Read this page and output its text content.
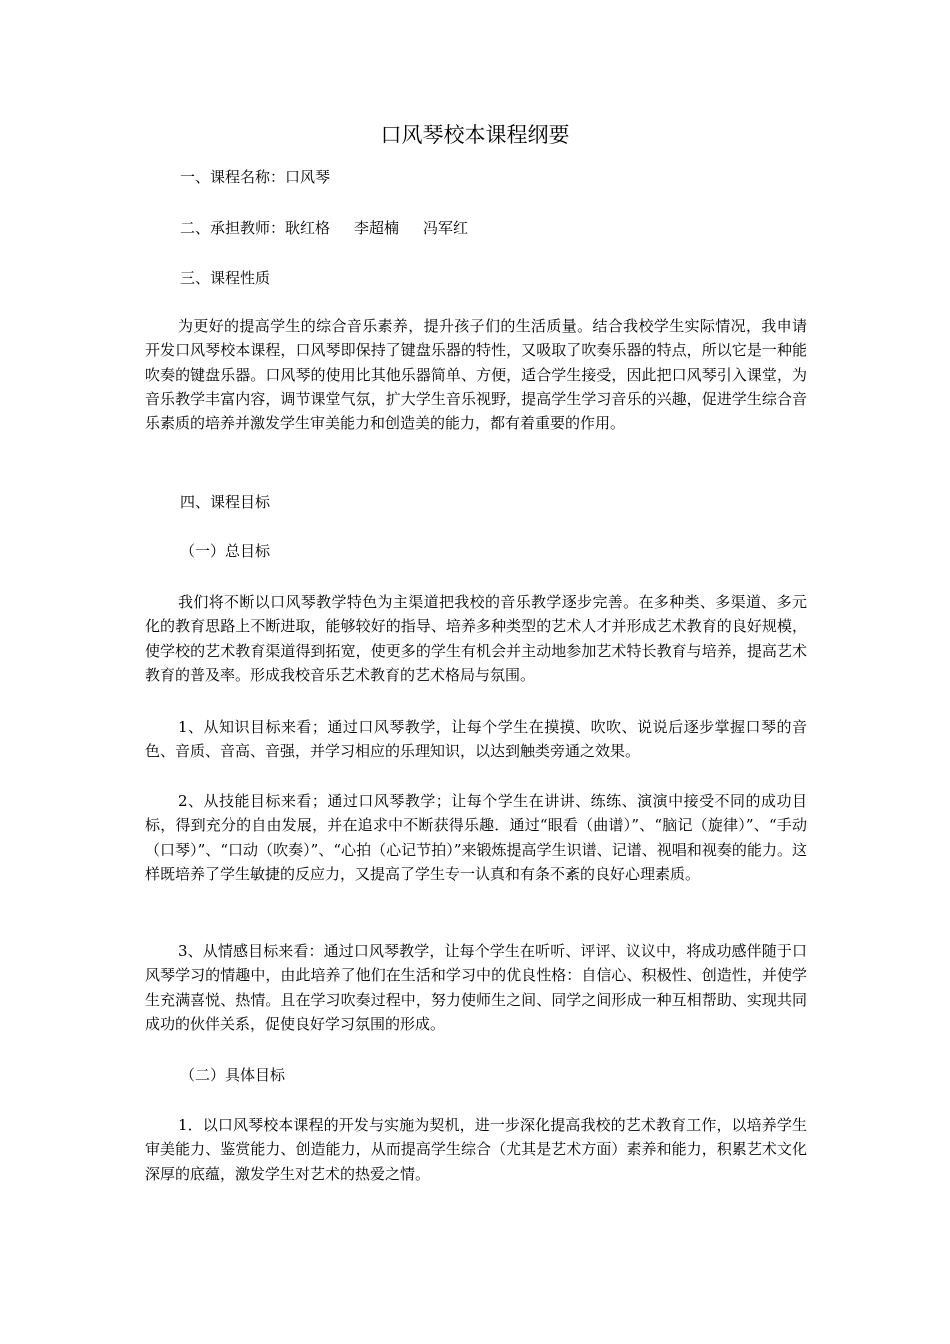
口风琴校本课程纲要
一、课程名称：口风琴
二、承担教师：耿红格 李超楠 冯军红
三、课程性质

为更好的提高学生的综合音乐素养，提升孩子们的生活质量。结合我校学生实际情况，我申请开发口风琴校本课程，口风琴即保持了键盘乐器的特性，又吸取了吹奏乐器的特点，所以它是一种能吹奏的键盘乐器。口风琴的使用比其他乐器简单、方便，适合学生接受，因此把口风琴引入课堂，为音乐教学丰富内容，调节课堂气氛，扩大学生音乐视野，提高学生学习音乐的兴趣，促进学生综合音乐素质的培养并激发学生审美能力和创造美的能力，都有着重要的作用。

四、课程目标
（一）总目标

我们将不断以口风琴教学特色为主渠道把我校的音乐教学逐步完善。在多种类、多渠道、多元化的教育思路上不断进取，能够较好的指导、培养多种类型的艺术人才并形成艺术教育的良好规模，使学校的艺术教育渠道得到拓宽，使更多的学生有机会并主动地参加艺术特长教育与培养，提高艺术教育的普及率。形成我校音乐艺术教育的艺术格局与氛围。

1、从知识目标来看；通过口风琴教学，让每个学生在摸摸、吹吹、说说后逐步掌握口琴的音色、音质、音高、音强，并学习相应的乐理知识，以达到触类旁通之效果。

2、从技能目标来看；通过口风琴教学；让每个学生在讲讲、练练、演演中接受不同的成功目标，得到充分的自由发展，并在追求中不断获得乐趣．通过“眼看（曲谱）”、“脑记（旋律）”、“手动（口琴）”、“口动（吹奏）”、“心拍（心记节拍）”来锻炼提高学生识谱、记谱、视唱和视奏的能力。这样既培养了学生敏捷的反应力，又提高了学生专一认真和有条不紊的良好心理素质。

3、从情感目标来看：通过口风琴教学，让每个学生在听听、评评、议议中，将成功感伴随于口风琴学习的情趣中，由此培养了他们在生活和学习中的优良性格：自信心、积极性、创造性，并使学生充满喜悦、热情。且在学习吹奏过程中，努力使师生之间、同学之间形成一种互相帮助、实现共同成功的伙伴关系，促使良好学习氛围的形成。

（二）具体目标

1．以口风琴校本课程的开发与实施为契机，进一步深化提高我校的艺术教育工作，以培养学生审美能力、鉴赏能力、创造能力，从而提高学生综合（尤其是艺术方面）素养和能力，积累艺术文化深厚的底蕴，激发学生对艺术的热爱之情。
